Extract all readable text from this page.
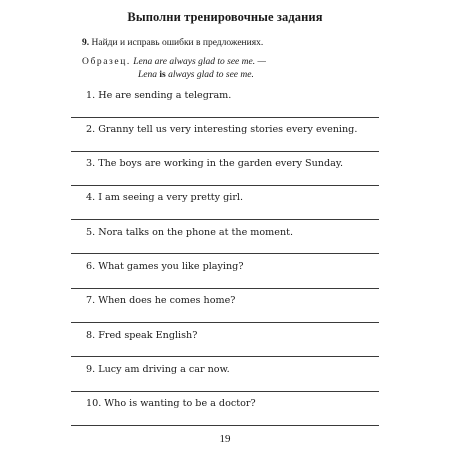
Выполни тренировочные задания
9. Найди и исправь ошибки в предложениях.
Образец. Lena are always glad to see me. —
Lena is always glad to see me.
1. He are sending a telegram.
2. Granny tell us very interesting stories every evening.
3. The boys are working in the garden every Sunday.
4. I am seeing a very pretty girl.
5. Nora talks on the phone at the moment.
6. What games you like playing?
7. When does he comes home?
8. Fred speak English?
9. Lucy am driving a car now.
10. Who is wanting to be a doctor?
19
